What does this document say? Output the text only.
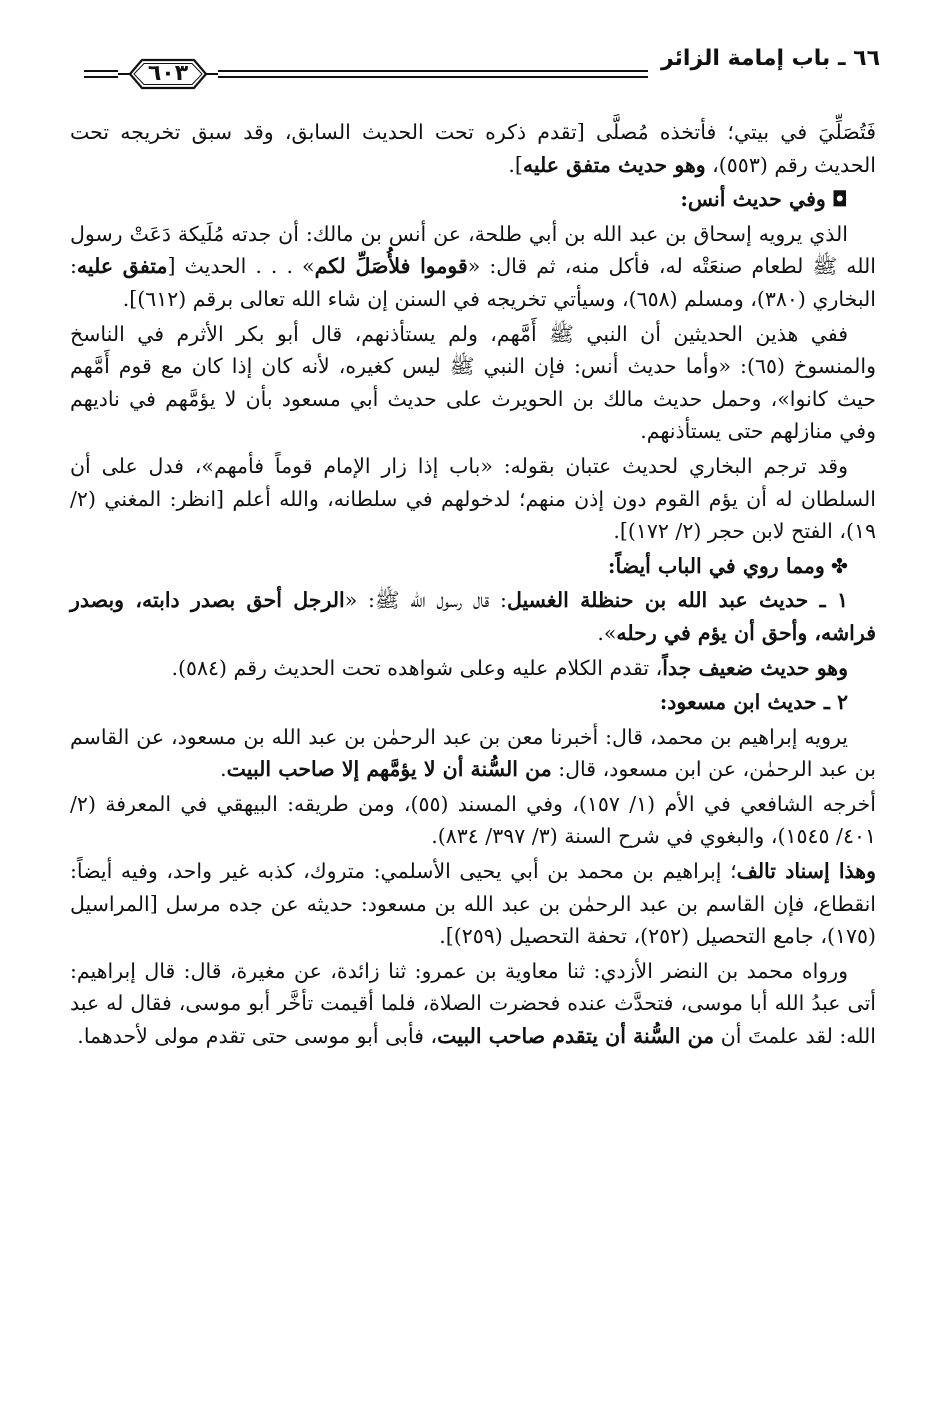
٦٦ ـ باب إمامة الزائر
٦٠٣

فَتُصَلِّيَ في بيتي؛ فأتخذه مُصلَّى [تقدم ذكره تحت الحديث السابق، وقد سبق تخريجه تحت الحديث رقم (٥٥٣)، وهو حديث متفق عليه].

◘وفي حديث أنس:

الذي يرويه إسحاق بن عبد الله بن أبي طلحة، عن أنس بن مالك: أن جدته مُلَيكة دَعَتْ رسول الله ﷺ لطعام صنعَتْه له، فأكل منه، ثم قال: «قوموا فلأُصَلِّ لكم» . . . الحديث [متفق عليه: البخاري (٣٨٠)، ومسلم (٦٥٨)، وسيأتي تخريجه في السنن إن شاء الله تعالى برقم (٦١٢)].

ففي هذين الحديثين أن النبي ﷺ أَمَّهم، ولم يستأذنهم، قال أبو بكر الأثرم في الناسخ والمنسوخ (٦٥): «وأما حديث أنس: فإن النبي ﷺ ليس كغيره، لأنه كان إذا كان مع قوم أَمَّهم حيث كانوا»، وحمل حديث مالك بن الحويرث على حديث أبي مسعود بأن لا يؤمَّهم في ناديهم وفي منازلهم حتى يستأذنهم.

وقد ترجم البخاري لحديث عتبان بقوله: «باب إذا زار الإمام قوماً فأمهم»، فدل على أن السلطان له أن يؤم القوم دون إذن منهم؛ لدخولهم في سلطانه، والله أعلم [انظر: المغني (٢/ ١٩)، الفتح لابن حجر (٢/ ١٧٢)].

✤ومما روي في الباب أيضاً:

١ ـ حديث عبد الله بن حنظلة الغسيل: قال رسول الله ﷺ: «الرجل أحق بصدر دابته، وبصدر فراشه، وأحق أن يؤم في رحله».

وهو حديث ضعيف جداً، تقدم الكلام عليه وعلى شواهده تحت الحديث رقم (٥٨٤).

٢ ـ حديث ابن مسعود:

يرويه إبراهيم بن محمد، قال: أخبرنا معن بن عبد الرحمٰن بن عبد الله بن مسعود، عن القاسم بن عبد الرحمٰن، عن ابن مسعود، قال: من السُّنة أن لا يؤمَّهم إلا صاحب البيت.

أخرجه الشافعي في الأم (١/ ١٥٧)، وفي المسند (٥٥)، ومن طريقه: البيهقي في المعرفة (٢/ ٤٠١/ ١٥٤٥)، والبغوي في شرح السنة (٣/ ٣٩٧/ ٨٣٤).

وهذا إسناد تالف؛ إبراهيم بن محمد بن أبي يحيى الأسلمي: متروك، كذبه غير واحد، وفيه أيضاً: انقطاع، فإن القاسم بن عبد الرحمٰن بن عبد الله بن مسعود: حديثه عن جده مرسل [المراسيل (١٧٥)، جامع التحصيل (٢٥٢)، تحفة التحصيل (٢٥٩)].

ورواه محمد بن النضر الأزدي: ثنا معاوية بن عمرو: ثنا زائدة، عن مغيرة، قال: قال إبراهيم: أتى عبدُ الله أبا موسى، فتحدَّث عنده فحضرت الصلاة، فلما أقيمت تأخَّر أبو موسى، فقال له عبد الله: لقد علمتَ أن من السُّنة أن يتقدم صاحب البيت، فأبى أبو موسى حتى تقدم مولى لأحدهما.
